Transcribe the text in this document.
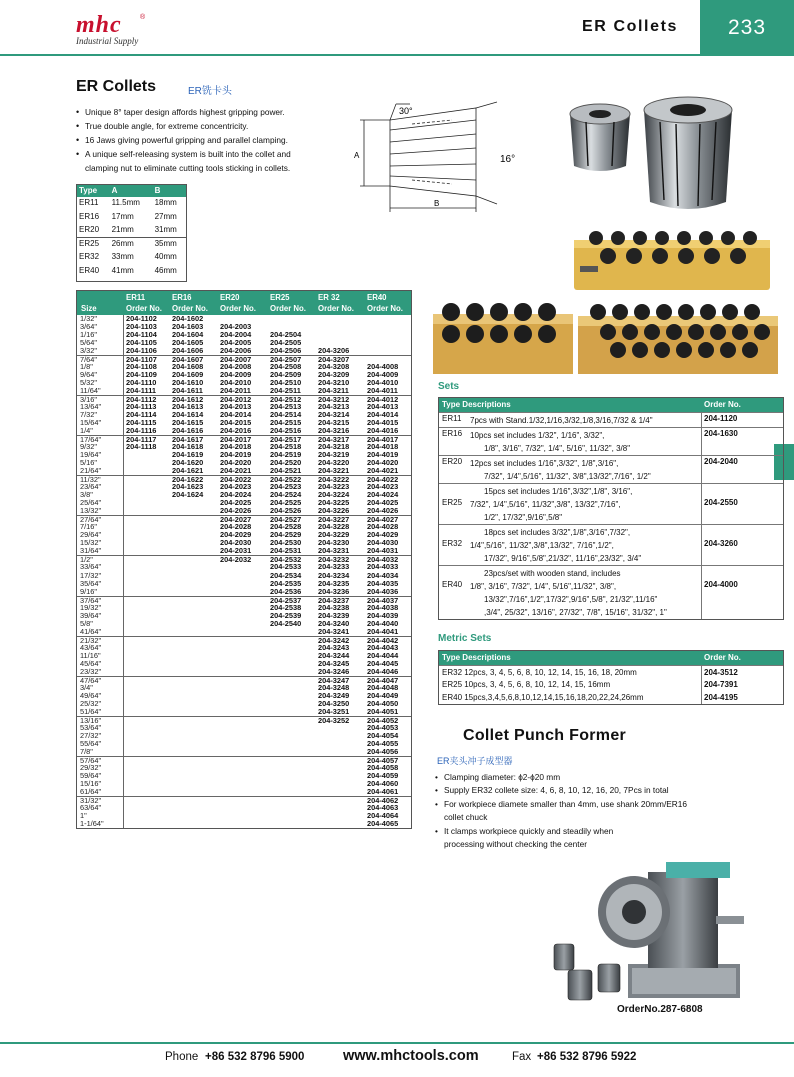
mhc	®
Industrial Supply
ER Collets	233
ER Collets	ER铣卡头
• Unique 8° taper design affords highest gripping power.
• True double angle, for extreme concentricity.
• 16 Jaws giving powerful gripping and parallel clamping.
• A unique self-releasing system is built into the collet and
clamping nut to eliminate cutting tools sticking in collets.
Type	A	B
ER11	11.5mm	18mm
ER16	17mm	27mm
ER20	21mm	31mm
ER25	26mm	35mm
ER32	33mm	40mm
ER40	41mm	46mm
30°
16°
A
B
Size
ER11	ER16	ER20	ER25	ER 32	ER40
Order No. Order No. Order No. Order No. Order No. Order No.
1/32"	204-1102 204-1602
3/64"	204-1103 204-1603 204-2003
1/16"	204-1104 204-1604 204-2004	204-2504
5/64"	204-1105 204-1605 204-2005	204-2505
3/32"	204-1106 204-1606 204-2006	204-2506 204-3206
7/64"	204-1107 204-1607 204-2007	204-2507 204-3207
1/8"	204-1108 204-1608 204-2008	204-2508 204-3208 204-4008
9/64"	204-1109 204-1609 204-2009	204-2509 204-3209 204-4009
5/32"	204-1110 204-1610 204-2010	204-2510 204-3210 204-4010
11/64"	204-1111 204-1611 204-2011	204-2511 204-3211 204-4011
3/16"	204-1112 204-1612 204-2012	204-2512 204-3212 204-4012
13/64"	204-1113 204-1613 204-2013	204-2513 204-3213 204-4013
7/32"	204-1114 204-1614 204-2014	204-2514 204-3214 204-4014
15/64"	204-1115 204-1615 204-2015	204-2515 204-3215 204-4015
1/4"	204-1116 204-1616 204-2016	204-2516 204-3216 204-4016
17/64"	204-1117 204-1617 204-2017	204-2517 204-3217 204-4017
9/32"	204-1118 204-1618 204-2018	204-2518 204-3218 204-4018
19/64"	204-1619 204-2019	204-2519 204-3219 204-4019
5/16"	204-1620 204-2020	204-2520 204-3220 204-4020
21/64"	204-1621 204-2021	204-2521 204-3221 204-4021
11/32"	204-1622 204-2022	204-2522 204-3222 204-4022
23/64"	204-1623 204-2023	204-2523 204-3223 204-4023
3/8"	204-1624 204-2024	204-2524 204-3224 204-4024
25/64"	204-2025	204-2525 204-3225 204-4025
13/32"	204-2026	204-2526 204-3226 204-4026
27/64"	204-2027	204-2527 204-3227 204-4027
7/16"	204-2028	204-2528 204-3228 204-4028
29/64"	204-2029	204-2529 204-3229 204-4029
15/32"	204-2030	204-2530 204-3230 204-4030
31/64"	204-2031	204-2531 204-3231 204-4031
1/2"	204-2032	204-2532 204-3232 204-4032
33/64"	204-2533 204-3233 204-4033
17/32"	204-2534 204-3234 204-4034
35/64"	204-2535 204-3235 204-4035
9/16"	204-2536 204-3236 204-4036
37/64"	204-2537 204-3237 204-4037
19/32"	204-2538 204-3238 204-4038
39/64"	204-2539 204-3239 204-4039
5/8"	204-2540 204-3240 204-4040
41/64"	204-3241 204-4041
21/32"	204-3242 204-4042
43/64"	204-3243 204-4043
11/16"	204-3244 204-4044
45/64"	204-3245 204-4045
23/32"	204-3246 204-4046
47/64"	204-3247 204-4047
3/4"	204-3248 204-4048
49/64"	204-3249 204-4049
25/32"	204-3250 204-4050
51/64"	204-3251 204-4051
13/16"	204-3252 204-4052
53/64"	204-4053
27/32"	204-4054
55/64"	204-4055
7/8"	204-4056
57/64"	204-4057
29/32"	204-4058
59/64"	204-4059
15/16"	204-4060
61/64"	204-4061
31/32"	204-4062
63/64"	204-4063
1"	204-4064
1-1/64"	204-4065
Sets
Type Descriptions	Order No.
ER11 7pcs with Stand.1/32,1/16,3/32,1/8,3/16,7/32 & 1/4"	204-1120
ER16 10pcs set includes 1/32", 1/16", 3/32",
1/8", 3/16", 7/32", 1/4", 5/16", 11/32", 3/8"
204-1630
ER20 12pcs set includes 1/16",3/32", 1/8",3/16",
7/32", 1/4",5/16", 11/32", 3/8",13/32",7/16", 1/2"
204-2040
ER25
15pcs set includes 1/16",3/32",1/8", 3/16",
7/32", 1/4",5/16", 11/32",3/8", 13/32",7/16",
1/2", 17/32",9/16",5/8"
204-2550
ER32
18pcs set includes 3/32",1/8",3/16",7/32",
1/4",5/16", 11/32",3/8",13/32", 7/16",1/2",
17/32", 9/16",5/8",21/32", 11/16",23/32", 3/4"
204-3260
ER40
23pcs/set with wooden stand, includes
1/8", 3/16", 7/32", 1/4", 5/16",11/32", 3/8",
13/32",7/16",1/2",17/32",9/16",5/8", 21/32",11/16"
,3/4", 25/32", 13/16", 27/32", 7/8", 15/16", 31/32", 1"
204-4000
Metric Sets
Type Descriptions	Order No.
ER32 12pcs, 3, 4, 5, 6, 8, 10, 12, 14, 15, 16, 18, 20mm	204-3512
ER25 10pcs, 3, 4, 5, 6, 8, 10, 12, 14, 15, 16mm	204-7391
ER40 15pcs,3,4,5,6,8,10,12,14,15,16,18,20,22,24,26mm	204-4195
Collet Punch Former
ER夹头冲子成型器
• Clamping diameter: ɸ2-ɸ20 mm
• Supply ER32 collete size: 4, 6, 8, 10, 12, 16, 20, 7Pcs in total
• For workpiece diamete smaller than 4mm, use shank 20mm/ER16
collet chuck
• It clamps workpiece quickly and steadily when
processing without checking the center
OrderNo.287-6808
Phone +86 532 8796 5900	www.mhctools.com	Fax +86 532 8796 5922
